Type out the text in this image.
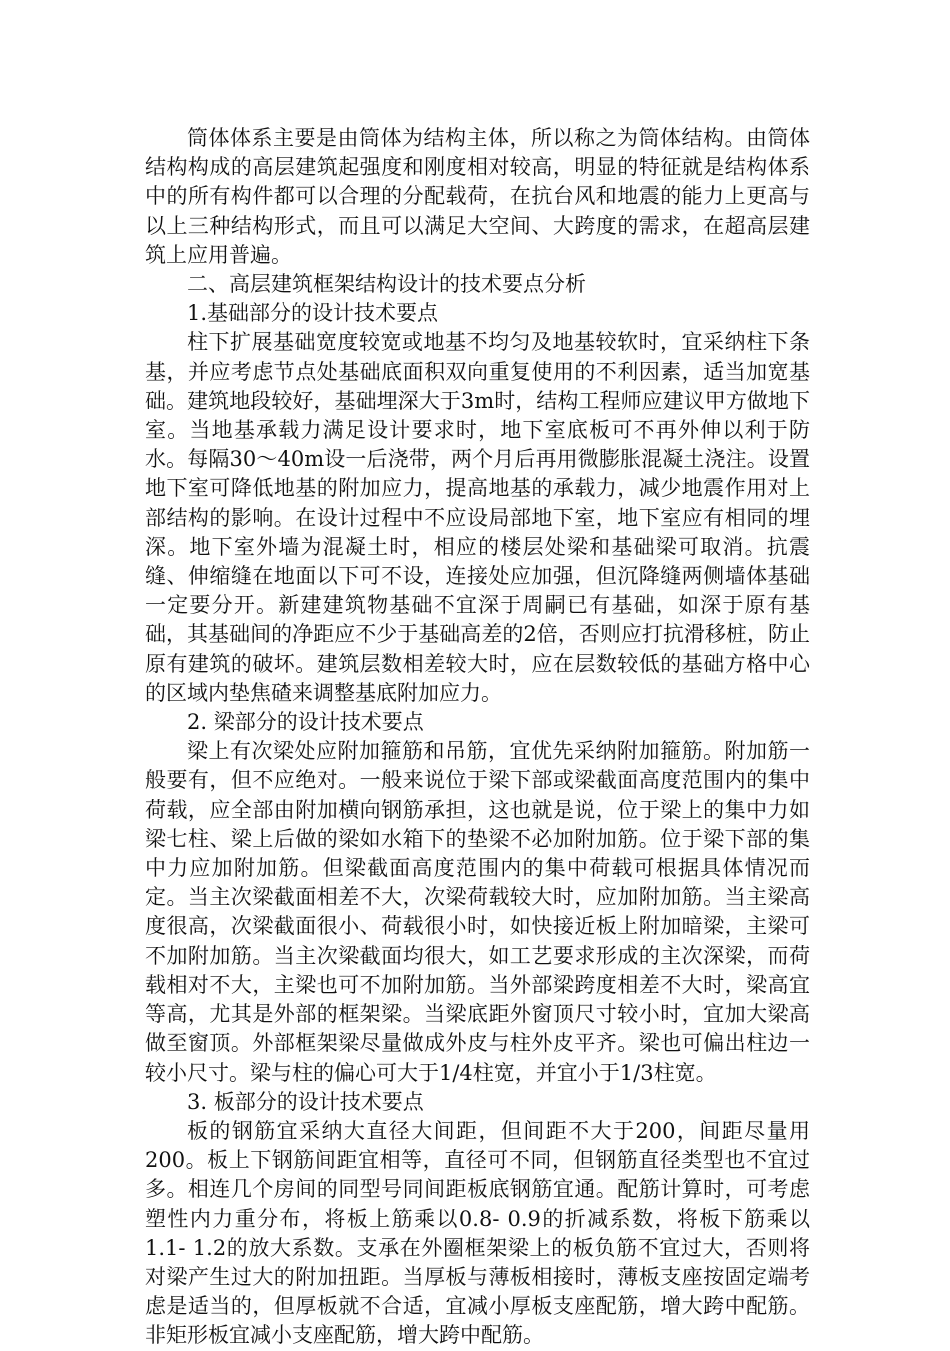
筒体体系主要是由筒体为结构主体，所以称之为筒体结构。由筒体结构构成的高层建筑起强度和刚度相对较高，明显的特征就是结构体系中的所有构件都可以合理的分配载荷，在抗台风和地震的能力上更高与以上三种结构形式，而且可以满足大空间、大跨度的需求，在超高层建筑上应用普遍。

二、高层建筑框架结构设计的技术要点分析

1.基础部分的设计技术要点

柱下扩展基础宽度较宽或地基不均匀及地基较软时，宜采纳柱下条基，并应考虑节点处基础底面积双向重复使用的不利因素，适当加宽基础。建筑地段较好，基础埋深大于3m时，结构工程师应建议甲方做地下室。当地基承载力满足设计要求时，地下室底板可不再外伸以利于防水。每隔30～40m设一后浇带，两个月后再用微膨胀混凝土浇注。设置地下室可降低地基的附加应力，提高地基的承载力，减少地震作用对上部结构的影响。在设计过程中不应设局部地下室，地下室应有相同的埋深。地下室外墙为混凝土时，相应的楼层处梁和基础梁可取消。抗震缝、伸缩缝在地面以下可不设，连接处应加强，但沉降缝两侧墙体基础一定要分开。新建建筑物基础不宜深于周嗣已有基础，如深于原有基础，其基础间的净距应不少于基础高差的2倍，否则应打抗滑移桩，防止原有建筑的破坏。建筑层数相差较大时，应在层数较低的基础方格中心的区域内垫焦碴来调整基底附加应力。

2. 梁部分的设计技术要点

梁上有次梁处应附加箍筋和吊筋，宜优先采纳附加箍筋。附加筋一般要有，但不应绝对。一般来说位于梁下部或梁截面高度范围内的集中荷载，应全部由附加横向钢筋承担，这也就是说，位于梁上的集中力如梁七柱、梁上后做的梁如水箱下的垫梁不必加附加筋。位于梁下部的集中力应加附加筋。但梁截面高度范围内的集中荷载可根据具体情况而定。当主次梁截面相差不大，次梁荷载较大时，应加附加筋。当主梁高度很高，次梁截面很小、荷载很小时，如快接近板上附加暗梁，主梁可不加附加筋。当主次梁截面均很大，如工艺要求形成的主次深梁，而荷载相对不大，主梁也可不加附加筋。当外部梁跨度相差不大时，梁高宜等高，尤其是外部的框架梁。当梁底距外窗顶尺寸较小时，宜加大梁高做至窗顶。外部框架梁尽量做成外皮与柱外皮平齐。梁也可偏出柱边一较小尺寸。梁与柱的偏心可大于1/4柱宽，并宜小于1/3柱宽。

3. 板部分的设计技术要点

板的钢筋宜采纳大直径大间距，但间距不大于200，间距尽量用200。板上下钢筋间距宜相等，直径可不同，但钢筋直径类型也不宜过多。相连几个房间的同型号同间距板底钢筋宜通。配筋计算时，可考虑塑性内力重分布，将板上筋乘以0.8- 0.9的折减系数，将板下筋乘以1.1- 1.2的放大系数。支承在外圈框架梁上的板负筋不宜过大，否则将对梁产生过大的附加扭距。当厚板与薄板相接时，薄板支座按固定端考虑是适当的，但厚板就不合适，宜减小厚板支座配筋，增大跨中配筋。非矩形板宜减小支座配筋，增大跨中配筋。
